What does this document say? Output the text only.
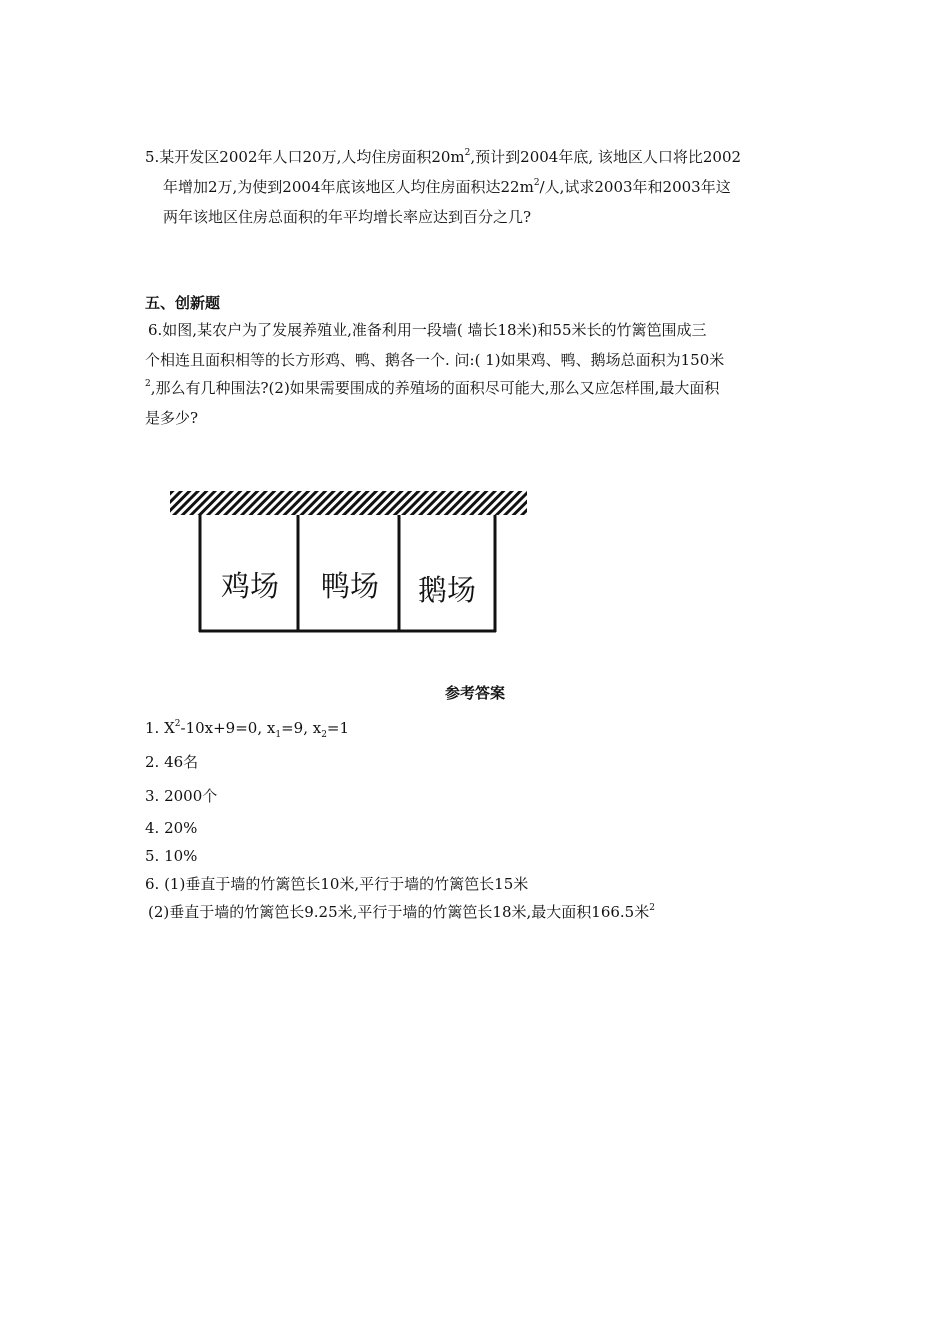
5.某开发区2002年人口20万,人均住房面积$20m^2$,预计到2004年底, 该地区人口将比2002
年增加2万,为使到2004年底该地区人均住房面积达$22m^2/$人,试求2003年和2003年这
两年该地区住房总面积的年平均增长率应达到百分之几?
五、创新题
6.如图,某农户为了发展养殖业,准备利用一段墙( 墙长18米)和55米长的竹篱笆围成三
个相连且面积相等的长方形鸡、鸭、鹅各一个. 问:( 1)如果鸡、鸭、鹅场总面积为150米
$^2$,那么有几种围法?(2)如果需要围成的养殖场的面积尽可能大,那么又应怎样围,最大面积
是多少?
鸡场 鸭场 鹅场
参考答案
1. $X^2-10x+9=0$, $x_1=9$, $x_2=1$
2. 46名
3. 2000个
4. 20%
5. 10%
6. (1)垂直于墙的竹篱笆长10米,平行于墙的竹篱笆长15米
(2)垂直于墙的竹篱笆长9.25米,平行于墙的竹篱笆长18米,最大面积166.5米$^2$
